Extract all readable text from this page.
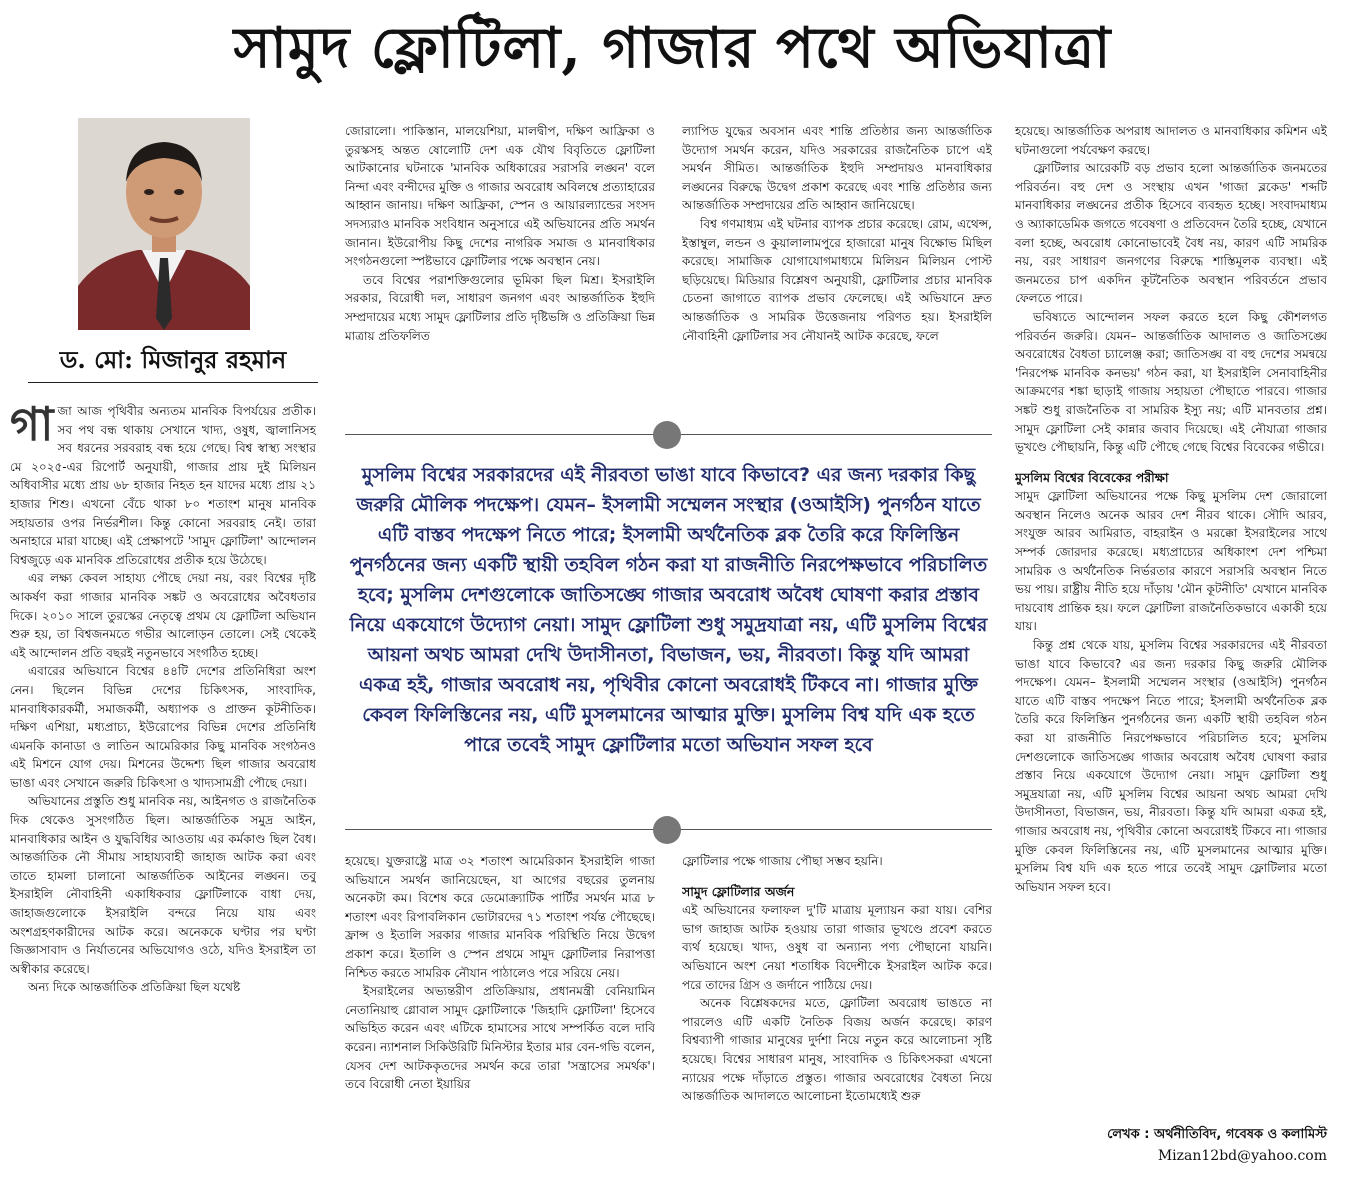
সামুদ ফ্লোটিলা, গাজার পথে অভিযাত্রা
ড. মো: মিজানুর রহমান

গাজা আজ পৃথিবীর অন্যতম মানবিক বিপর্যয়ের প্রতীক। সব পথ বন্ধ থাকায় সেখানে খাদ্য, ওষুধ, জ্বালানিসহ সব ধরনের সরবরাহ বন্ধ হয়ে গেছে। বিশ্ব স্বাস্থ্য সংস্থার মে ২০২৫-এর রিপোর্ট অনুযায়ী, গাজার প্রায় দুই মিলিয়ন অধিবাসীর মধ্যে প্রায় ৬৮ হাজার নিহত হন যাদের মধ্যে প্রায় ২১ হাজার শিশু। এখনো বেঁচে থাকা ৮০ শতাংশ মানুষ মানবিক সহায়তার ওপর নির্ভরশীল। কিন্তু কোনো সরবরাহ নেই। তারা অনাহারে মারা যাচ্ছে। এই প্রেক্ষাপটে 'সামুদ ফ্লোটিলা' আন্দোলন বিশ্বজুড়ে এক মানবিক প্রতিরোধের প্রতীক হয়ে উঠেছে।

এর লক্ষ্য কেবল সাহায্য পৌছে দেয়া নয়, বরং বিশ্বের দৃষ্টি আকর্ষণ করা গাজার মানবিক সঙ্কট ও অবরোধের অবৈধতার দিকে। ২০১০ সালে তুরস্কের নেতৃত্বে প্রথম যে ফ্লোটিলা অভিযান শুরু হয়, তা বিশ্বজনমতে গভীর আলোড়ন তোলে। সেই থেকেই এই আন্দোলন প্রতি বছরই নতুনভাবে সংগঠিত হচ্ছে।

এবারের অভিযানে বিশ্বের ৪৪টি দেশের প্রতিনিধিরা অংশ নেন। ছিলেন বিভিন্ন দেশের চিকিৎসক, সাংবাদিক, মানবাধিকারকর্মী, সমাজকর্মী, অধ্যাপক ও প্রাক্তন কূটনীতিক। দক্ষিণ এশিয়া, মধ্যপ্রাচ্য, ইউরোপের বিভিন্ন দেশের প্রতিনিধি এমনকি কানাডা ও লাতিন আমেরিকার কিছু মানবিক সংগঠনও এই মিশনে যোগ দেয়। মিশনের উদ্দেশ্য ছিল গাজার অবরোধ ভাঙা এবং সেখানে জরুরি চিকিৎসা ও খাদ্যসামগ্রী পৌছে দেয়া।

অভিযানের প্রস্তুতি শুধু মানবিক নয়, আইনগত ও রাজনৈতিক দিক থেকেও সুসংগঠিত ছিল। আন্তর্জাতিক সমুদ্র আইন, মানবাধিকার আইন ও যুদ্ধবিধির আওতায় এর কর্মকাণ্ড ছিল বৈধ। আন্তর্জাতিক নৌ সীমায় সাহায্যবাহী জাহাজ আটক করা এবং তাতে হামলা চালানো আন্তর্জাতিক আইনের লঙ্ঘন। তবু ইসরাইলি নৌবাহিনী একাধিকবার ফ্লোটিলাকে বাধা দেয়, জাহাজগুলোকে ইসরাইলি বন্দরে নিয়ে যায় এবং অংশগ্রহণকারীদের আটক করে। অনেককে ঘণ্টার পর ঘণ্টা জিজ্ঞাসাবাদ ও নির্যাতনের অভিযোগও ওঠে, যদিও ইসরাইল তা অস্বীকার করেছে।

অন্য দিকে আন্তর্জাতিক প্রতিক্রিয়া ছিল যথেষ্ট

জোরালো। পাকিস্তান, মালয়েশিয়া, মালদ্বীপ, দক্ষিণ আফ্রিকা ও তুরস্কসহ অন্তত ষোলোটি দেশ এক যৌথ বিবৃতিতে ফ্লোটিলা আটকানোর ঘটনাকে 'মানবিক অধিকারের সরাসরি লঙ্ঘন' বলে নিন্দা এবং বন্দীদের মুক্তি ও গাজার অবরোধ অবিলম্বে প্রত্যাহারের আহ্বান জানায়। দক্ষিণ আফ্রিকা, স্পেন ও আয়ারল্যান্ডের সংসদ সদস্যরাও মানবিক সংবিধান অনুসারে এই অভিযানের প্রতি সমর্থন জানান। ইউরোপীয় কিছু দেশের নাগরিক সমাজ ও মানবাধিকার সংগঠনগুলো স্পষ্টভাবে ফ্লোটিলার পক্ষে অবস্থান নেয়।

তবে বিশ্বের পরাশক্তিগুলোর ভূমিকা ছিল মিশ্র। ইসরাইলি সরকার, বিরোধী দল, সাধারণ জনগণ এবং আন্তর্জাতিক ইহুদি সম্প্রদায়ের মধ্যে সামুদ ফ্লোটিলার প্রতি দৃষ্টিভঙ্গি ও প্রতিক্রিয়া ভিন্ন মাত্রায় প্রতিফলিত

ল্যাপিড যুদ্ধের অবসান এবং শান্তি প্রতিষ্ঠার জন্য আন্তর্জাতিক উদ্যোগ সমর্থন করেন, যদিও সরকারের রাজনৈতিক চাপে এই সমর্থন সীমিত। আন্তর্জাতিক ইহুদি সম্প্রদায়ও মানবাধিকার লঙ্ঘনের বিরুদ্ধে উদ্বেগ প্রকাশ করেছে এবং শান্তি প্রতিষ্ঠার জন্য আন্তর্জাতিক সম্প্রদায়ের প্রতি আহ্বান জানিয়েছে।

বিশ্ব গণমাধ্যম এই ঘটনার ব্যাপক প্রচার করেছে। রোম, এথেন্স, ইস্তাম্বুল, লন্ডন ও কুয়ালালামপুরে হাজারো মানুষ বিক্ষোভ মিছিল করেছে। সামাজিক যোগাযোগমাধ্যমে মিলিয়ন মিলিয়ন পোস্ট ছড়িয়েছে। মিডিয়ার বিশ্লেষণ অনুযায়ী, ফ্লোটিলার প্রচার মানবিক চেতনা জাগাতে ব্যাপক প্রভাব ফেলেছে। এই অভিযানে দ্রুত আন্তর্জাতিক ও সামরিক উত্তেজনায় পরিণত হয়। ইসরাইলি নৌবাহিনী ফ্লোটিলার সব নৌযানই আটক করেছে, ফলে

মুসলিম বিশ্বের সরকারদের এই নীরবতা ভাঙা যাবে কিভাবে? এর জন্য দরকার কিছু জরুরি মৌলিক পদক্ষেপ। যেমন– ইসলামী সম্মেলন সংস্থার (ওআইসি) পুনর্গঠন যাতে এটি বাস্তব পদক্ষেপ নিতে পারে; ইসলামী অর্থনৈতিক ব্লক তৈরি করে ফিলিস্তিন পুনর্গঠনের জন্য একটি স্থায়ী তহবিল গঠন করা যা রাজনীতি নিরপেক্ষভাবে পরিচালিত হবে; মুসলিম দেশগুলোকে জাতিসঙ্ঘে গাজার অবরোধ অবৈধ ঘোষণা করার প্রস্তাব নিয়ে একযোগে উদ্যোগ নেয়া। সামুদ ফ্লোটিলা শুধু সমুদ্রযাত্রা নয়, এটি মুসলিম বিশ্বের আয়না অথচ আমরা দেখি উদাসীনতা, বিভাজন, ভয়, নীরবতা। কিন্তু যদি আমরা একত্র হই, গাজার অবরোধ নয়, পৃথিবীর কোনো অবরোধই টিকবে না। গাজার মুক্তি কেবল ফিলিস্তিনের নয়, এটি মুসলমানের আত্মার মুক্তি। মুসলিম বিশ্ব যদি এক হতে পারে তবেই সামুদ ফ্লোটিলার মতো অভিযান সফল হবে

হয়েছে। যুক্তরাষ্ট্রে মাত্র ৩২ শতাংশ আমেরিকান ইসরাইলি গাজা অভিযানে সমর্থন জানিয়েছেন, যা আগের বছরের তুলনায় অনেকটা কম। বিশেষ করে ডেমোক্র্যাটিক পার্টির সমর্থন মাত্র ৮ শতাংশ এবং রিপাবলিকান ভোটারদের ৭১ শতাংশ পর্যন্ত পৌছেছে। ফ্রান্স ও ইতালি সরকার গাজার মানবিক পরিস্থিতি নিয়ে উদ্বেগ প্রকাশ করে। ইতালি ও স্পেন প্রথমে সামুদ ফ্লোটিলার নিরাপত্তা নিশ্চিত করতে সামরিক নৌযান পাঠালেও পরে সরিয়ে নেয়।

ইসরাইলের অভ্যন্তরীণ প্রতিক্রিয়ায়, প্রধানমন্ত্রী বেনিয়ামিন নেতানিয়াহু গ্লোবাল সামুদ ফ্লোটিলাকে 'জিহাদি ফ্লোটিলা' হিসেবে অভিহিত করেন এবং এটিকে হামাসের সাথে সম্পর্কিত বলে দাবি করেন। ন্যাশনাল সিকিউরিটি মিনিস্টার ইতার মার বেন-গভি বলেন, যেসব দেশ আটককৃতদের সমর্থন করে তারা 'সন্ত্রাসের সমর্থক'। তবে বিরোধী নেতা ইয়ায়ির

ফ্লোটিলার পক্ষে গাজায় পৌছা সম্ভব হয়নি।

সামুদ ফ্লোটিলার অর্জন

এই অভিযানের ফলাফল দু'টি মাত্রায় মূল্যায়ন করা যায়। বেশির ভাগ জাহাজ আটক হওয়ায় তারা গাজার ভূখণ্ডে প্রবেশ করতে ব্যর্থ হয়েছে। খাদ্য, ওষুধ বা অন্যান্য পণ্য পৌছানো যায়নি। অভিযানে অংশ নেয়া শতাধিক বিদেশীকে ইসরাইল আটক করে। পরে তাদের গ্রিস ও জর্দানে পাঠিয়ে দেয়।

অনেক বিশ্লেষকদের মতে, ফ্লোটিলা অবরোধ ভাঙতে না পারলেও এটি একটি নৈতিক বিজয় অর্জন করেছে। কারণ বিশ্বব্যাপী গাজার মানুষের দুর্দশা নিয়ে নতুন করে আলোচনা সৃষ্টি হয়েছে। বিশ্বের সাধারণ মানুষ, সাংবাদিক ও চিকিৎসকরা এখনো ন্যায়ের পক্ষে দাঁড়াতে প্রস্তুত। গাজার অবরোধের বৈধতা নিয়ে আন্তর্জাতিক আদালতে আলোচনা ইতোমধ্যেই শুরু

হয়েছে। আন্তর্জাতিক অপরাধ আদালত ও মানবাধিকার কমিশন এই ঘটনাগুলো পর্যবেক্ষণ করছে।

ফ্লোটিলার আরেকটি বড় প্রভাব হলো আন্তর্জাতিক জনমতের পরিবর্তন। বহু দেশ ও সংস্থায় এখন 'গাজা ব্লকেড' শব্দটি মানবাধিকার লঙ্ঘনের প্রতীক হিসেবে ব্যবহৃত হচ্ছে। সংবাদমাধ্যম ও অ্যাকাডেমিক জগতে গবেষণা ও প্রতিবেদন তৈরি হচ্ছে, যেখানে বলা হচ্ছে, অবরোধ কোনোভাবেই বৈধ নয়, কারণ এটি সামরিক নয়, বরং সাধারণ জনগণের বিরুদ্ধে শাস্তিমূলক ব্যবস্থা। এই জনমতের চাপ একদিন কূটনৈতিক অবস্থান পরিবর্তনে প্রভাব ফেলতে পারে।

ভবিষ্যতে আন্দোলন সফল করতে হলে কিছু কৌশলগত পরিবর্তন জরুরি। যেমন– আন্তর্জাতিক আদালত ও জাতিসঙ্ঘে অবরোধের বৈধতা চ্যালেঞ্জ করা; জাতিসঙ্ঘ বা বহু দেশের সমন্বয়ে 'নিরপেক্ষ মানবিক কনভয়' গঠন করা, যা ইসরাইলি সেনাবাহিনীর আক্রমণের শঙ্কা ছাড়াই গাজায় সহায়তা পৌছাতে পারবে। গাজার সঙ্কট শুধু রাজনৈতিক বা সামরিক ইস্যু নয়; এটি মানবতার প্রশ্ন। সামুদ ফ্লোটিলা সেই কান্নার জবাব দিয়েছে। এই নৌযাত্রা গাজার ভূখণ্ডে পৌছায়নি, কিন্তু এটি পৌছে গেছে বিশ্বের বিবেকের গভীরে।

মুসলিম বিশ্বের বিবেকের পরীক্ষা

সামুদ ফ্লোটিলা অভিযানের পক্ষে কিছু মুসলিম দেশ জোরালো অবস্থান নিলেও অনেক আরব দেশ নীরব থাকে। সৌদি আরব, সংযুক্ত আরব আমিরাত, বাহরাইন ও মরক্কো ইসরাইলের সাথে সম্পর্ক জোরদার করেছে। মধ্যপ্রাচ্যের অধিকাংশ দেশ পশ্চিমা সামরিক ও অর্থনৈতিক নির্ভরতার কারণে সরাসরি অবস্থান নিতে ভয় পায়। রাষ্ট্রীয় নীতি হয়ে দাঁড়ায় 'মৌন কূটনীতি' যেখানে মানবিক দায়বোধ প্রান্তিক হয়। ফলে ফ্লোটিলা রাজনৈতিকভাবে একাকী হয়ে যায়।

কিন্তু প্রশ্ন থেকে যায়, মুসলিম বিশ্বের সরকারদের এই নীরবতা ভাঙা যাবে কিভাবে? এর জন্য দরকার কিছু জরুরি মৌলিক পদক্ষেপ। যেমন– ইসলামী সম্মেলন সংস্থার (ওআইসি) পুনর্গঠন যাতে এটি বাস্তব পদক্ষেপ নিতে পারে; ইসলামী অর্থনৈতিক ব্লক তৈরি করে ফিলিস্তিন পুনর্গঠনের জন্য একটি স্থায়ী তহবিল গঠন করা যা রাজনীতি নিরপেক্ষভাবে পরিচালিত হবে; মুসলিম দেশগুলোকে জাতিসঙ্ঘে গাজার অবরোধ অবৈধ ঘোষণা করার প্রস্তাব নিয়ে একযোগে উদ্যোগ নেয়া। সামুদ ফ্লোটিলা শুধু সমুদ্রযাত্রা নয়, এটি মুসলিম বিশ্বের আয়না অথচ আমরা দেখি উদাসীনতা, বিভাজন, ভয়, নীরবতা। কিন্তু যদি আমরা একত্র হই, গাজার অবরোধ নয়, পৃথিবীর কোনো অবরোধই টিকবে না। গাজার মুক্তি কেবল ফিলিস্তিনের নয়, এটি মুসলমানের আত্মার মুক্তি। মুসলিম বিশ্ব যদি এক হতে পারে তবেই সামুদ ফ্লোটিলার মতো অভিযান সফল হবে।

লেখক : অর্থনীতিবিদ, গবেষক ও কলামিস্ট

Mizan12bd@yahoo.com
